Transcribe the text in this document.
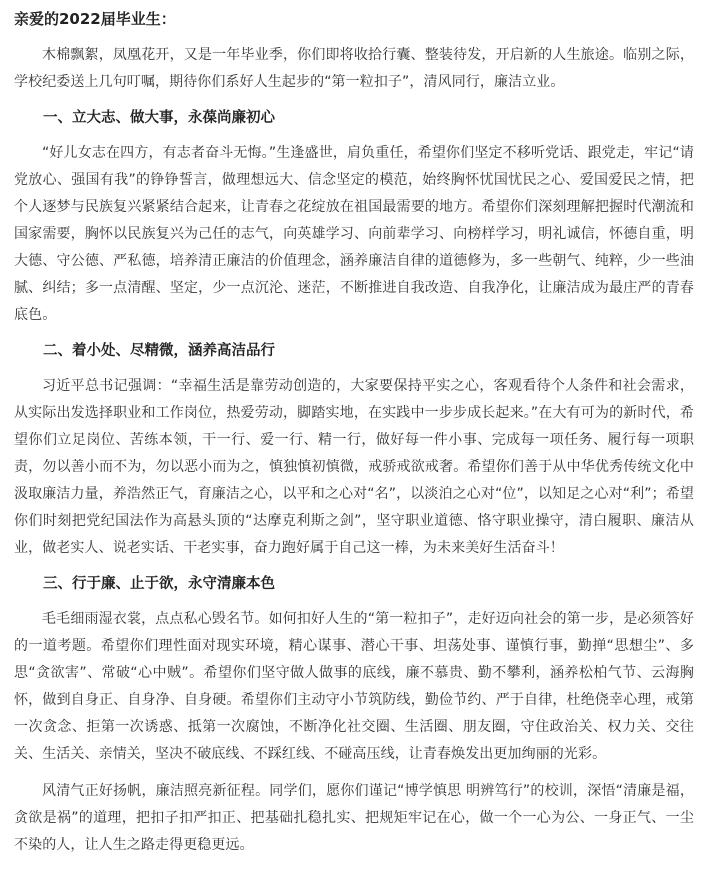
亲爱的2022届毕业生：

木棉飘絮，凤凰花开，又是一年毕业季，你们即将收拾行囊、整装待发，开启新的人生旅途。临别之际，学校纪委送上几句叮嘱，期待你们系好人生起步的“第一粒扣子”，清风同行，廉洁立业。

一、立大志、做大事，永葆尚廉初心

“好儿女志在四方，有志者奋斗无悔。”生逢盛世，肩负重任，希望你们坚定不移听党话、跟党走，牢记“请党放心、强国有我”的铮铮誓言，做理想远大、信念坚定的模范，始终胸怀忧国忧民之心、爱国爱民之情，把个人逐梦与民族复兴紧紧结合起来，让青春之花绽放在祖国最需要的地方。希望你们深刻理解把握时代潮流和国家需要，胸怀以民族复兴为己任的志气，向英雄学习、向前辈学习、向榜样学习，明礼诚信，怀德自重，明大德、守公德、严私德，培养清正廉洁的价值理念，涵养廉洁自律的道德修为，多一些朝气、纯粹，少一些油腻、纠结；多一点清醒、坚定，少一点沉沦、迷茫，不断推进自我改造、自我净化，让廉洁成为最庄严的青春底色。

二、着小处、尽精微，涵养高洁品行

习近平总书记强调：“幸福生活是靠劳动创造的，大家要保持平实之心，客观看待个人条件和社会需求，从实际出发选择职业和工作岗位，热爱劳动，脚踏实地，在实践中一步步成长起来。”在大有可为的新时代，希望你们立足岗位、苦练本领，干一行、爱一行、精一行，做好每一件小事、完成每一项任务、履行每一项职责，勿以善小而不为，勿以恶小而为之，慎独慎初慎微，戒骄戒欲戒奢。希望你们善于从中华优秀传统文化中汲取廉洁力量，养浩然正气，育廉洁之心，以平和之心对“名”，以淡泊之心对“位”，以知足之心对“利”；希望你们时刻把党纪国法作为高悬头顶的“达摩克利斯之剑”，坚守职业道德、恪守职业操守，清白履职、廉洁从业，做老实人、说老实话、干老实事，奋力跑好属于自己这一棒，为未来美好生活奋斗！

三、行于廉、止于欲，永守清廉本色

毛毛细雨湿衣裳，点点私心毁名节。如何扣好人生的“第一粒扣子”，走好迈向社会的第一步，是必须答好的一道考题。希望你们理性面对现实环境，精心谋事、潜心干事、坦荡处事、谨慎行事，勤掸“思想尘”、多思“贪欲害”、常破“心中贼”。希望你们坚守做人做事的底线，廉不慕贵、勤不攀利，涵养松柏气节、云海胸怀，做到自身正、自身净、自身硬。希望你们主动守小节筑防线，勤俭节约、严于自律，杜绝侥幸心理，戒第一次贪念、拒第一次诱惑、抵第一次腐蚀，不断净化社交圈、生活圈、朋友圈，守住政治关、权力关、交往关、生活关、亲情关，坚决不破底线、不踩红线、不碰高压线，让青春焕发出更加绚丽的光彩。

风清气正好扬帆，廉洁照亮新征程。同学们，愿你们谨记“博学慎思 明辨笃行”的校训，深悟“清廉是福，贪欲是祸”的道理，把扣子扣严扣正、把基础扎稳扎实、把规矩牢记在心，做一个一心为公、一身正气、一尘不染的人，让人生之路走得更稳更远。
